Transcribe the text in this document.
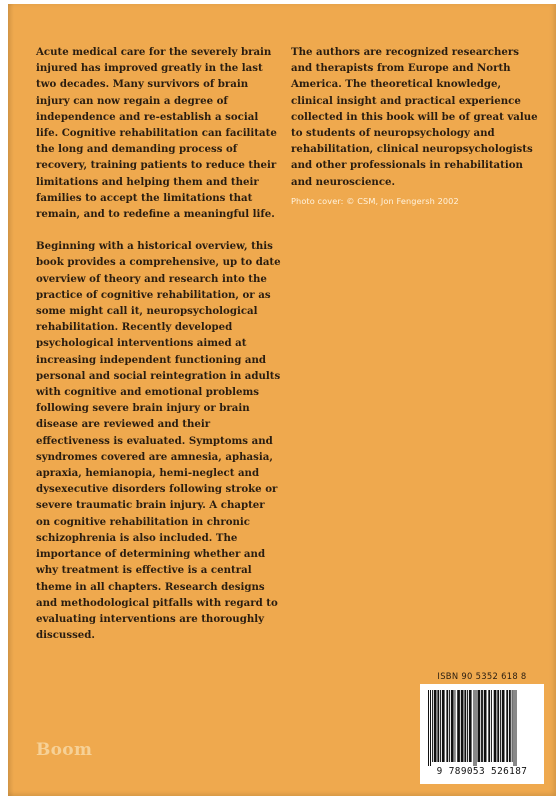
Acute medical care for the severely brain injured has improved greatly in the last two decades. Many survivors of brain injury can now regain a degree of independence and re-establish a social life. Cognitive rehabilitation can facilitate the long and demanding process of recovery, training patients to reduce their limitations and helping them and their families to accept the limitations that remain, and to redefine a meaningful life.

Beginning with a historical overview, this book provides a comprehensive, up to date overview of theory and research into the practice of cognitive rehabilitation, or as some might call it, neuropsychological rehabilitation. Recently developed psychological interventions aimed at increasing independent functioning and personal and social reintegration in adults with cognitive and emotional problems following severe brain injury or brain disease are reviewed and their effectiveness is evaluated. Symptoms and syndromes covered are amnesia, aphasia, apraxia, hemianopia, hemi-neglect and dysexecutive disorders following stroke or severe traumatic brain injury. A chapter on cognitive rehabilitation in chronic schizophrenia is also included. The importance of determining whether and why treatment is effective is a central theme in all chapters. Research designs and methodological pitfalls with regard to evaluating interventions are thoroughly discussed.

The authors are recognized researchers and therapists from Europe and North America. The theoretical knowledge, clinical insight and practical experience collected in this book will be of great value to students of neuropsychology and rehabilitation, clinical neuropsychologists and other professionals in rehabilitation and neuroscience.

Photo cover: © CSM, Jon Fengersh 2002
Boom
ISBN 90 5352 618 8
9 789053 526187
